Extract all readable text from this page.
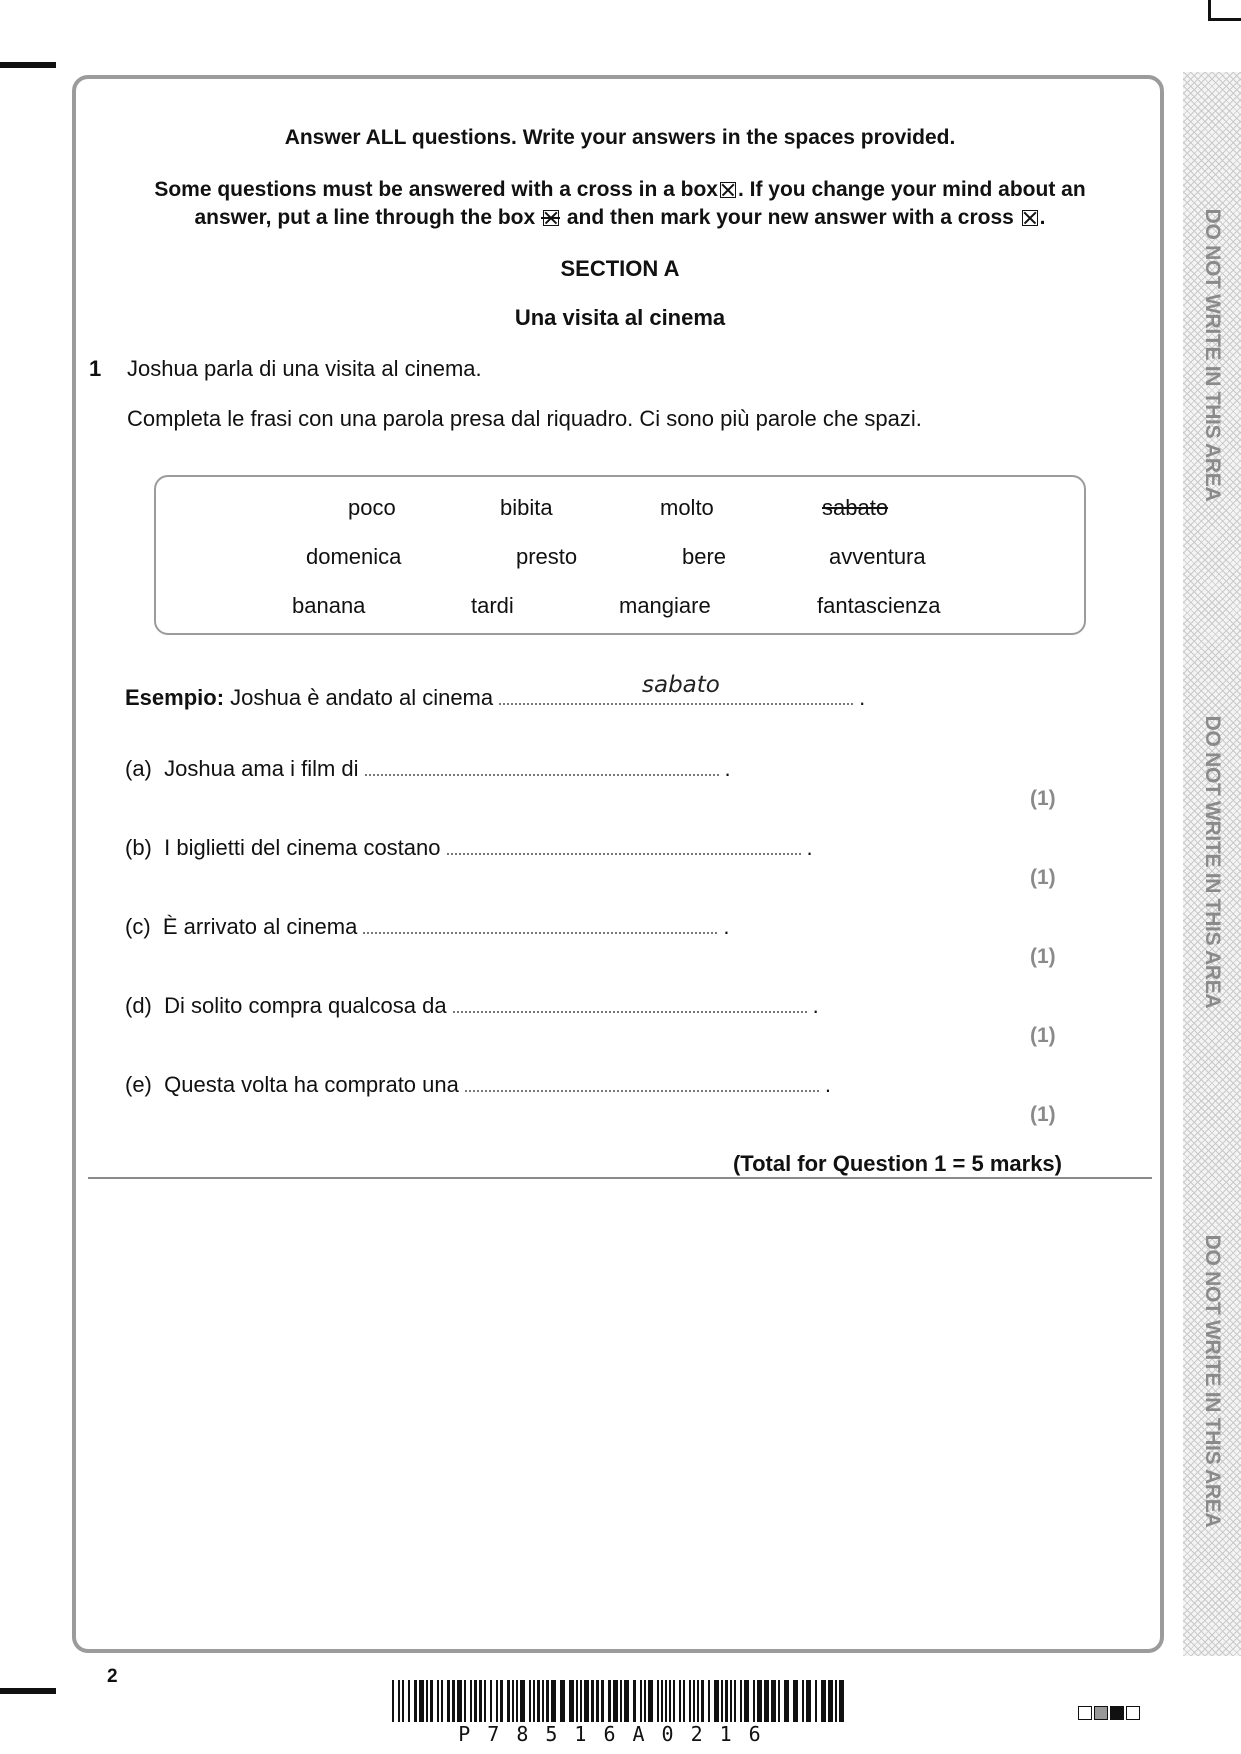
DO NOT WRITE IN THIS AREA
DO NOT WRITE IN THIS AREA
DO NOT WRITE IN THIS AREA
Answer ALL questions. Write your answers in the spaces provided.
Some questions must be answered with a cross in a box ☒ . If you change your mind about an
answer, put a line through the box and then mark your new answer with a cross ☒ .
SECTION A
Una visita al cinema
1 Joshua parla di una visita al cinema.
Completa le frasi con una parola presa dal riquadro. Ci sono più parole che spazi.
poco	bibita	molto	sabato
domenica	presto	bere	avventura
banana	tardi	mangiare	fantascienza
Esempio: Joshua è andato al cinema	.
sabato
(a) Joshua ama i film di	.
(1)
(b) I biglietti del cinema costano	.
(1)
(c) È arrivato al cinema	.
(1)
(d) Di solito compra qualcosa da	.
(1)
(e) Questa volta ha comprato una	.
(1)
(Total for Question 1 = 5 marks)
2
P78516A0216
